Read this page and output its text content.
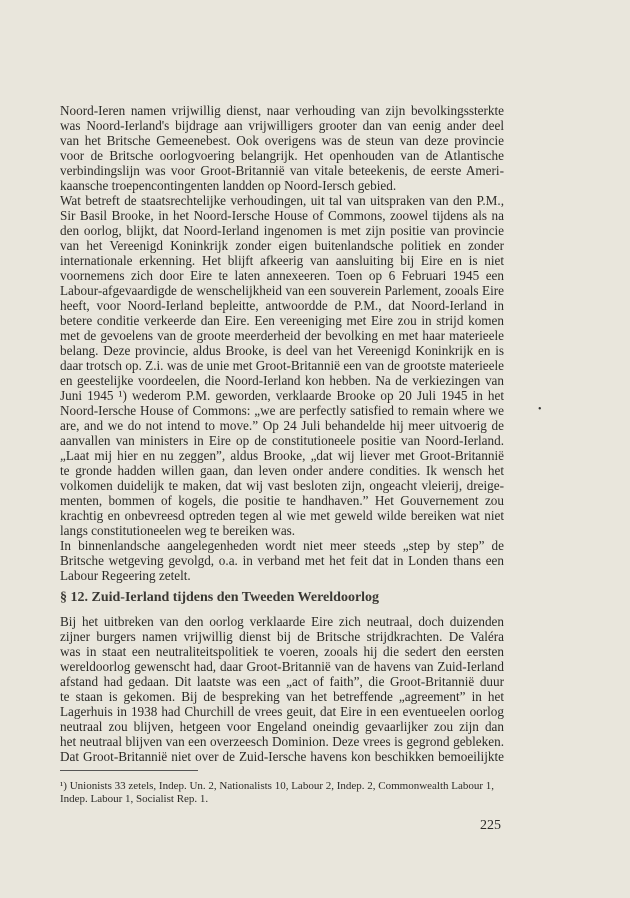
Noord-Ieren namen vrijwillig dienst, naar verhouding van zijn bevolkingssterkte
was Noord-Ierland's bijdrage aan vrijwilligers grooter dan van eenig ander deel
van het Britsche Gemeenebest. Ook overigens was de steun van deze provincie
voor de Britsche oorlogvoering belangrijk. Het openhouden van de Atlantische
verbindingslijn was voor Groot-Britannië van vitale beteekenis, de eerste Ameri-
kaansche troepencontingenten landden op Noord-Iersch gebied.
Wat betreft de staatsrechtelijke verhoudingen, uit tal van uitspraken van den P.M.,
Sir Basil Brooke, in het Noord-Iersche House of Commons, zoowel tijdens als na
den oorlog, blijkt, dat Noord-Ierland ingenomen is met zijn positie van provincie
van het Vereenigd Koninkrijk zonder eigen buitenlandsche politiek en zonder
internationale erkenning. Het blijft afkeerig van aansluiting bij Eire en is niet
voornemens zich door Eire te laten annexeeren. Toen op 6 Februari 1945 een
Labour-afgevaardigde de wenschelijkheid van een souverein Parlement, zooals Eire
heeft, voor Noord-Ierland bepleitte, antwoordde de P.M., dat Noord-Ierland in
betere conditie verkeerde dan Eire. Een vereeniging met Eire zou in strijd komen
met de gevoelens van de groote meerderheid der bevolking en met haar materieele
belang. Deze provincie, aldus Brooke, is deel van het Vereenigd Koninkrijk en is
daar trotsch op. Z.i. was de unie met Groot-Britannië een van de grootste materieele
en geestelijke voordeelen, die Noord-Ierland kon hebben. Na de verkiezingen van
Juni 1945 ¹) wederom P.M. geworden, verklaarde Brooke op 20 Juli 1945 in het
Noord-Iersche House of Commons: „we are perfectly satisfied to remain where we
are, and we do not intend to move.” Op 24 Juli behandelde hij meer uitvoerig de
aanvallen van ministers in Eire op de constitutioneele positie van Noord-Ierland.
„Laat mij hier en nu zeggen”, aldus Brooke, „dat wij liever met Groot-Britannië
te gronde hadden willen gaan, dan leven onder andere condities. Ik wensch het
volkomen duidelijk te maken, dat wij vast besloten zijn, ongeacht vleierij, dreige-
menten, bommen of kogels, die positie te handhaven.” Het Gouvernement zou
krachtig en onbevreesd optreden tegen al wie met geweld wilde bereiken wat niet
langs constitutioneelen weg te bereiken was.
In binnenlandsche aangelegenheden wordt niet meer steeds „step by step” de
Britsche wetgeving gevolgd, o.a. in verband met het feit dat in Londen thans een
Labour Regeering zetelt.
§ 12. Zuid-Ierland tijdens den Tweeden Wereldoorlog
Bij het uitbreken van den oorlog verklaarde Eire zich neutraal, doch duizenden
zijner burgers namen vrijwillig dienst bij de Britsche strijdkrachten. De Valéra
was in staat een neutraliteitspolitiek te voeren, zooals hij die sedert den eersten
wereldoorlog gewenscht had, daar Groot-Britannië van de havens van Zuid-Ierland
afstand had gedaan. Dit laatste was een „act of faith”, die Groot-Britannië duur
te staan is gekomen. Bij de bespreking van het betreffende „agreement” in het
Lagerhuis in 1938 had Churchill de vrees geuit, dat Eire in een eventueelen oorlog
neutraal zou blijven, hetgeen voor Engeland oneindig gevaarlijker zou zijn dan
het neutraal blijven van een overzeesch Dominion. Deze vrees is gegrond gebleken.
Dat Groot-Britannië niet over de Zuid-Iersche havens kon beschikken bemoeilijkte
¹) Unionists 33 zetels, Indep. Un. 2, Nationalists 10, Labour 2, Indep. 2, Commonwealth Labour 1,
Indep. Labour 1, Socialist Rep. 1.
225
•
